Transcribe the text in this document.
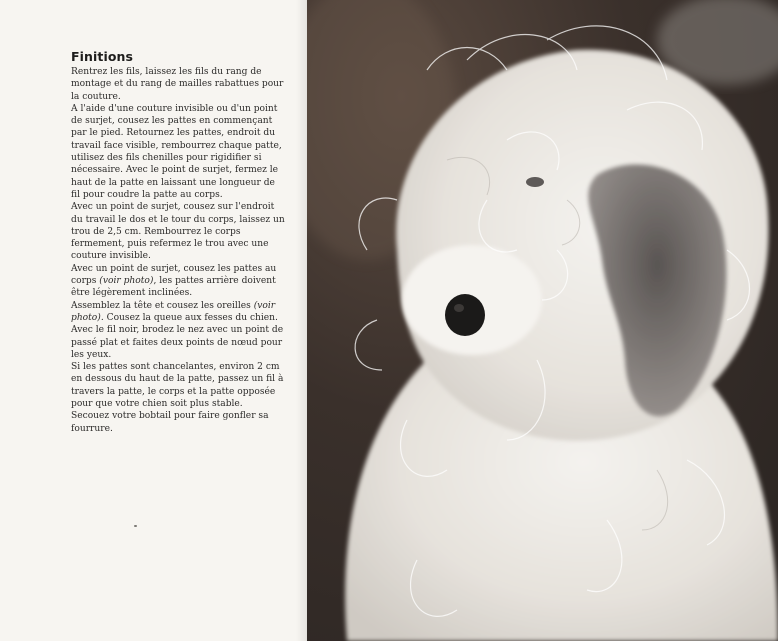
Finitions

Rentrez les fils, laissez les fils du rang de montage et du rang de mailles rabattues pour la couture.

A l'aide d'une couture invisible ou d'un point de surjet, cousez les pattes en commençant par le pied. Retournez les pattes, endroit du travail face visible, rembourrez chaque patte, utilisez des fils chenilles pour rigidifier si nécessaire. Avec le point de surjet, fermez le haut de la patte en laissant une longueur de fil pour coudre la patte au corps.

Avec un point de surjet, cousez sur l'endroit du travail le dos et le tour du corps, laissez un trou de 2,5 cm. Rembourrez le corps fermement, puis refermez le trou avec une couture invisible.

Avec un point de surjet, cousez les pattes au corps (voir photo), les pattes arrière doivent être légèrement inclinées.

Assemblez la tête et cousez les oreilles (voir photo). Cousez la queue aux fesses du chien.

Avec le fil noir, brodez le nez avec un point de passé plat et faites deux points de nœud pour les yeux.

Si les pattes sont chancelantes, environ 2 cm en dessous du haut de la patte, passez un fil à travers la patte, le corps et la patte opposée pour que votre chien soit plus stable.

Secouez votre bobtail pour faire gonfler sa fourrure.
